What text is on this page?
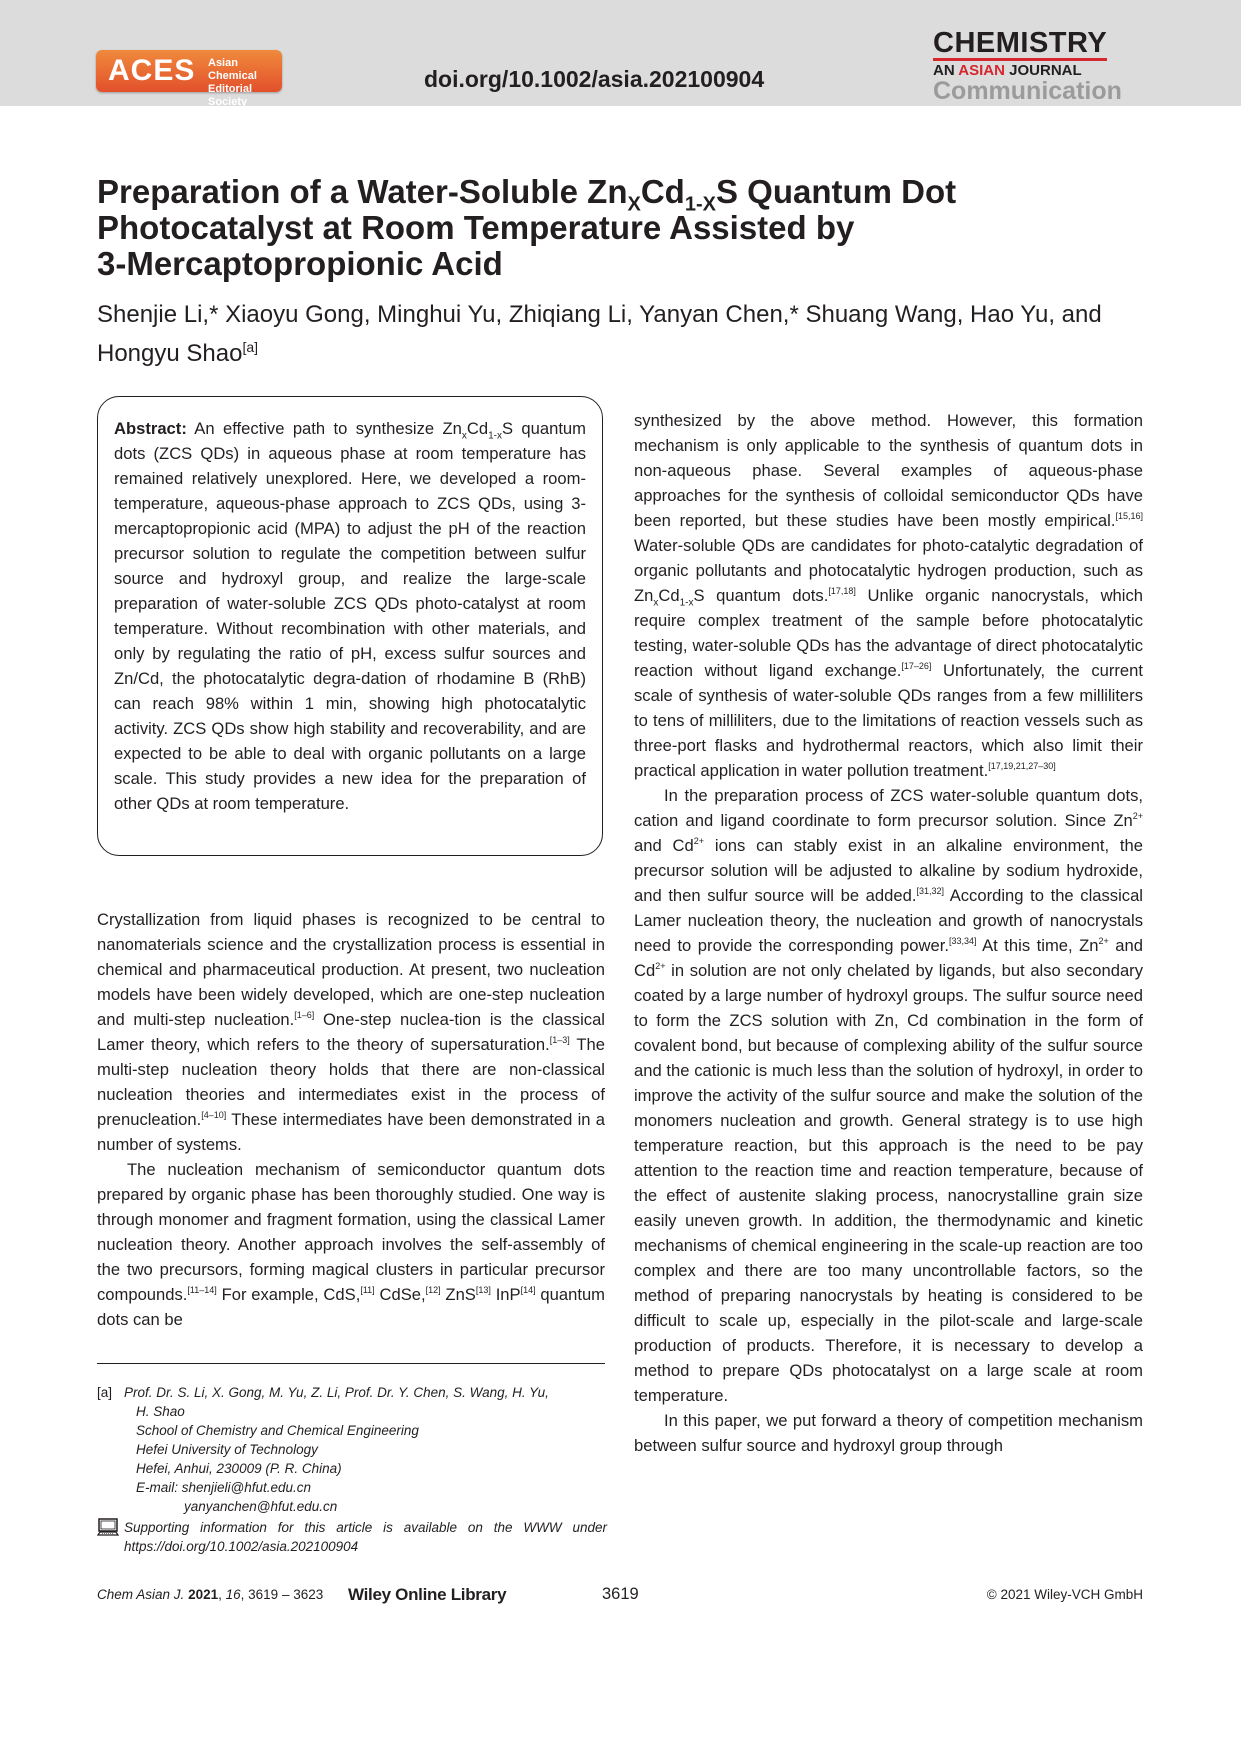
ACES Asian Chemical
Editorial Society
doi.org/10.1002/asia.202100904
CHEMISTRY
AN ASIAN JOURNAL
Communication
Preparation of a Water-Soluble $Zn_XCd_{1-X}S$ Quantum Dot
Photocatalyst at Room Temperature Assisted by
3-Mercaptopropionic Acid
Shenjie Li,* Xiaoyu Gong, Minghui Yu, Zhiqiang Li, Yanyan Chen,* Shuang Wang, Hao Yu, and Hongyu Shao[a]

Abstract: An effective path to synthesize $Zn_xCd_{1-x}S$ quantum dots (ZCS QDs) in aqueous phase at room temperature has remained relatively unexplored. Here, we developed a room-temperature, aqueous-phase approach to ZCS QDs, using 3-mercaptopropionic acid (MPA) to adjust the pH of the reaction precursor solution to regulate the competition between sulfur source and hydroxyl group, and realize the large-scale preparation of water-soluble ZCS QDs photo-catalyst at room temperature. Without recombination with other materials, and only by regulating the ratio of pH, excess sulfur sources and Zn/Cd, the photocatalytic degra-dation of rhodamine B (RhB) can reach 98% within 1 min, showing high photocatalytic activity. ZCS QDs show high stability and recoverability, and are expected to be able to deal with organic pollutants on a large scale. This study provides a new idea for the preparation of other QDs at room temperature.

Crystallization from liquid phases is recognized to be central to nanomaterials science and the crystallization process is essential in chemical and pharmaceutical production. At present, two nucleation models have been widely developed, which are one-step nucleation and multi-step nucleation.[1–6] One-step nuclea-tion is the classical Lamer theory, which refers to the theory of supersaturation.[1–3] The multi-step nucleation theory holds that there are non-classical nucleation theories and intermediates exist in the process of prenucleation.[4–10] These intermediates have been demonstrated in a number of systems.

The nucleation mechanism of semiconductor quantum dots prepared by organic phase has been thoroughly studied. One way is through monomer and fragment formation, using the classical Lamer nucleation theory. Another approach involves the self-assembly of the two precursors, forming magical clusters in particular precursor compounds.[11–14] For example, CdS,[11] CdSe,[12] ZnS[13] InP[14] quantum dots can be

synthesized by the above method. However, this formation mechanism is only applicable to the synthesis of quantum dots in non-aqueous phase. Several examples of aqueous-phase approaches for the synthesis of colloidal semiconductor QDs have been reported, but these studies have been mostly empirical.[15,16] Water-soluble QDs are candidates for photo-catalytic degradation of organic pollutants and photocatalytic hydrogen production, such as $Zn_xCd_{1-x}S$ quantum dots.[17,18] Unlike organic nanocrystals, which require complex treatment of the sample before photocatalytic testing, water-soluble QDs has the advantage of direct photocatalytic reaction without ligand exchange.[17–26] Unfortunately, the current scale of synthesis of water-soluble QDs ranges from a few milliliters to tens of milliliters, due to the limitations of reaction vessels such as three-port flasks and hydrothermal reactors, which also limit their practical application in water pollution treatment.[17,19,21,27–30]

In the preparation process of ZCS water-soluble quantum dots, cation and ligand coordinate to form precursor solution. Since $Zn^{2+}$ and $Cd^{2+}$ ions can stably exist in an alkaline environment, the precursor solution will be adjusted to alkaline by sodium hydroxide, and then sulfur source will be added.[31,32] According to the classical Lamer nucleation theory, the nucleation and growth of nanocrystals need to provide the corresponding power.[33,34] At this time, $Zn^{2+}$ and $Cd^{2+}$ in solution are not only chelated by ligands, but also secondary coated by a large number of hydroxyl groups. The sulfur source need to form the ZCS solution with Zn, Cd combination in the form of covalent bond, but because of complexing ability of the sulfur source and the cationic is much less than the solution of hydroxyl, in order to improve the activity of the sulfur source and make the solution of the monomers nucleation and growth. General strategy is to use high temperature reaction, but this approach is the need to be pay attention to the reaction time and reaction temperature, because of the effect of austenite slaking process, nanocrystalline grain size easily uneven growth. In addition, the thermodynamic and kinetic mechanisms of chemical engineering in the scale-up reaction are too complex and there are too many uncontrollable factors, so the method of preparing nanocrystals by heating is considered to be difficult to scale up, especially in the pilot-scale and large-scale production of products. Therefore, it is necessary to develop a method to prepare QDs photocatalyst on a large scale at room temperature.

In this paper, we put forward a theory of competition mechanism between sulfur source and hydroxyl group through

[a] Prof. Dr. S. Li, X. Gong, M. Yu, Z. Li, Prof. Dr. Y. Chen, S. Wang, H. Yu,
H. Shao
School of Chemistry and Chemical Engineering
Hefei University of Technology
Hefei, Anhui, 230009 (P. R. China)
E-mail: shenjieli@hfut.edu.cn
yanyanchen@hfut.edu.cn
Supporting information for this article is available on the WWW under https://doi.org/10.1002/asia.202100904
Chem Asian J. 2021, 16, 3619 – 3623 Wiley Online Library	3619	© 2021 Wiley-VCH GmbH
